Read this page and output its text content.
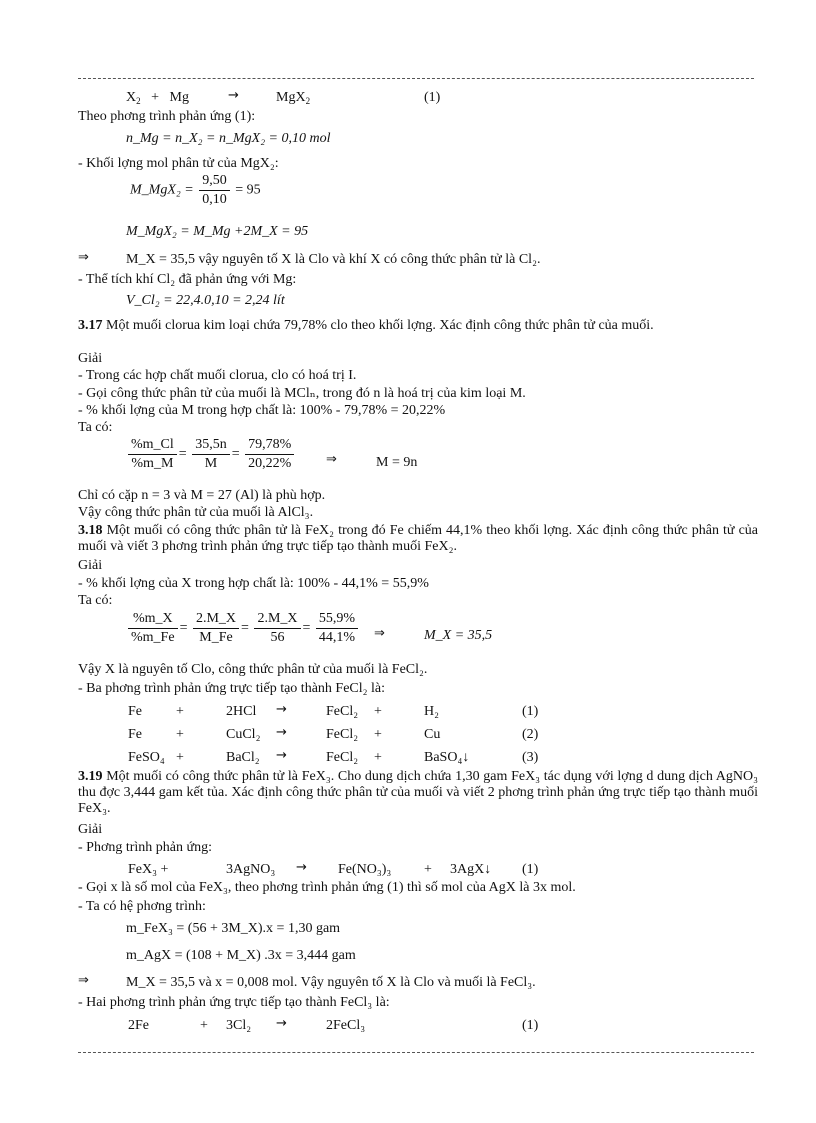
$X_2 + Mg$	→	MgX$_2$	(1)
Theo phơng trình phản ứng (1):
n_Mg = n_X₂ = n_MgX₂ = 0,10 mol
- Khối lợng mol phân tử của MgX₂:
M_MgX₂ = $\frac{9,50}{0,10} = 95$
M_MgX₂ = M_Mg +2M_X = 95
⇒	M_X = 35,5 vậy nguyên tố X là Clo và khí X có công thức phân tử là Cl₂.
- Thể tích khí Cl₂ đã phản ứng với Mg:
V_Cl₂ = 22,4.0,10 = 2,24 lít
3.17 Một muối clorua kim loại chứa 79,78% clo theo khối lợng. Xác định công thức phân tử của muối.
Giải
- Trong các hợp chất muối clorua, clo có hoá trị I.
- Gọi công thức phân tử của muối là MClₙ, trong đó n là hoá trị của kim loại M.
- % khối lợng của M trong hợp chất là: 100% - 79,78% = 20,22%
Ta có:
$\frac{\%m\_Cl}{\%m\_M} = \frac{35,5n}{M} = \frac{79,78\%}{20,22\%}$ ⇒	M = 9n
Chỉ có cặp n = 3 và M = 27 (Al) là phù hợp.
Vậy công thức phân tử của muối là AlCl₃.
3.18 Một muối có công thức phân tử là FeX₂ trong đó Fe chiếm 44,1% theo khối lợng. Xác định công thức phân tử của muối và viết 3 phơng trình phản ứng trực tiếp tạo thành muối FeX₂.
Giải
- % khối lợng của X trong hợp chất là: 100% - 44,1% = 55,9%
Ta có:
$\frac{\%m\_X}{\%m\_Fe} = \frac{2.M\_X}{M\_Fe} = \frac{2.M\_X}{56} = \frac{55,9\%}{44,1\%}$ ⇒	M_X = 35,5
Vậy X là nguyên tố Clo, công thức phân tử của muối là FeCl₂.
- Ba phơng trình phản ứng trực tiếp tạo thành FeCl₂ là:
Fe +	2HCl →	FeCl₂ +	H₂	(1)
Fe +	CuCl₂ →	FeCl₂ +	Cu	(2)
FeSO₄ +	BaCl₂ →	FeCl₂ +	BaSO₄↓	(3)
3.19 Một muối có công thức phân tử là FeX₃. Cho dung dịch chứa 1,30 gam FeX₃ tác dụng với lợng d dung dịch AgNO₃ thu đợc 3,444 gam kết tủa. Xác định công thức phân tử của muối và viết 2 phơng trình phản ứng trực tiếp tạo thành muối FeX₃.
Giải
- Phơng trình phản ứng:
FeX₃ +	3AgNO₃ → Fe(NO₃)₃ + 3AgX↓ (1)
- Gọi x là số mol của FeX₃, theo phơng trình phản ứng (1) thì số mol của AgX là 3x mol.
- Ta có hệ phơng trình:
m_FeX₃ = (56 + 3M_X).x = 1,30 gam
m_AgX = (108 + M_X) .3x = 3,444 gam
⇒	M_X = 35,5 và x = 0,008 mol. Vậy nguyên tố X là Clo và muối là FeCl₃.
- Hai phơng trình phản ứng trực tiếp tạo thành FeCl₃ là:
2Fe	+ 3Cl₂ →	2FeCl₃	(1)
